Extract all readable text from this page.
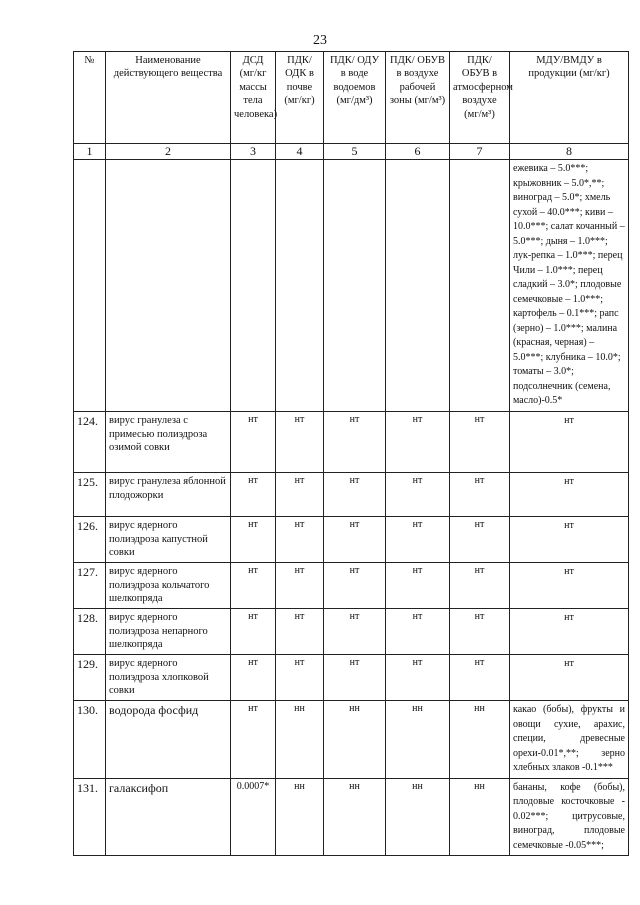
23
№	Наименование действующего вещества	ДСД (мг/кг массы тела человека)	ПДК/ ОДК в почве (мг/кг)	ПДК/ ОДУ в воде водоемов (мг/дм³)	ПДК/ ОБУВ в воздухе рабочей зоны (мг/м³)	ПДК/ ОБУВ в атмосферном воздухе (мг/м³)	МДУ/ВМДУ в продукции (мг/кг)
1	2	3	4	5	6	7	8
							ежевика – 5.0***; крыжовник – 5.0*,**; виноград – 5.0*; хмель сухой – 40.0***; киви – 10.0***; салат кочанный – 5.0***; дыня – 1.0***; лук-репка – 1.0***; перец Чили – 1.0***; перец сладкий – 3.0*; плодовые семечковые – 1.0***; картофель – 0.1***; рапс (зерно) – 1.0***; малина (красная, черная) – 5.0***; клубника – 10.0*; томаты – 3.0*; подсолнечник (семена, масло)-0.5*
124.	вирус гранулеза с примесью полиэдроза озимой совки	нт	нт	нт	нт	нт	нт
125.	вирус гранулеза яблонной плодожорки	нт	нт	нт	нт	нт	нт
126.	вирус ядерного полиэдроза капустной совки	нт	нт	нт	нт	нт	нт
127.	вирус ядерного полиэдроза кольчатого шелкопряда	нт	нт	нт	нт	нт	нт
128.	вирус ядерного полиэдроза непарного шелкопряда	нт	нт	нт	нт	нт	нт
129.	вирус ядерного полиэдроза хлопковой совки	нт	нт	нт	нт	нт	нт
130.	водорода фосфид	нт	нн	нн	нн	нн	какао (бобы), фрукты и овощи сухие, арахис, специи, древесные орехи-0.01*,**; зерно хлебных злаков -0.1***
131.	галаксифоп	0.0007*	нн	нн	нн	нн	бананы, кофе (бобы), плодовые косточковые - 0.02***; цитрусовые, виноград, плодовые семечковые -0.05***;
